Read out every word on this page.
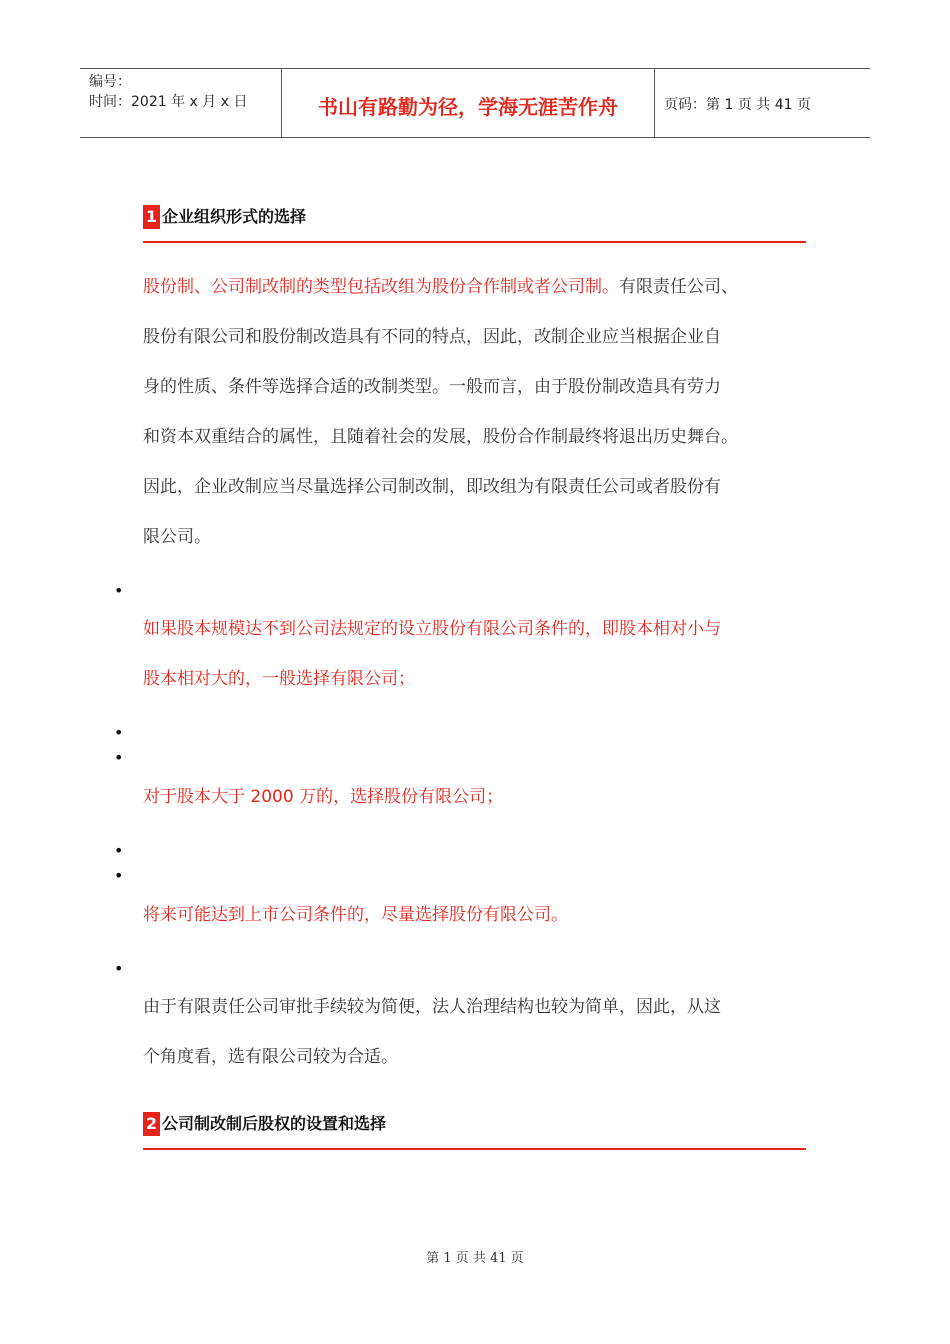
编号：
时间：2021 年 x 月 x 日	书山有路勤为径，学海无涯苦作舟	页码：第 1 页 共 41 页
1 企业组织形式的选择
股份制、公司制改制的类型包括改组为股份合作制或者公司制。有限责任公司、
股份有限公司和股份制改造具有不同的特点，因此，改制企业应当根据企业自
身的性质、条件等选择合适的改制类型。一般而言，由于股份制改造具有劳力
和资本双重结合的属性，且随着社会的发展，股份合作制最终将退出历史舞台。
因此，企业改制应当尽量选择公司制改制，即改组为有限责任公司或者股份有
限公司。
•
如果股本规模达不到公司法规定的设立股份有限公司条件的，即股本相对小与
股本相对大的，一般选择有限公司；
•
•
对于股本大于 2000 万的，选择股份有限公司；
•
•
将来可能达到上市公司条件的，尽量选择股份有限公司。
•
由于有限责任公司审批手续较为简便，法人治理结构也较为简单，因此，从这
个角度看，选有限公司较为合适。
2 公司制改制后股权的设置和选择
第 1 页 共 41 页
